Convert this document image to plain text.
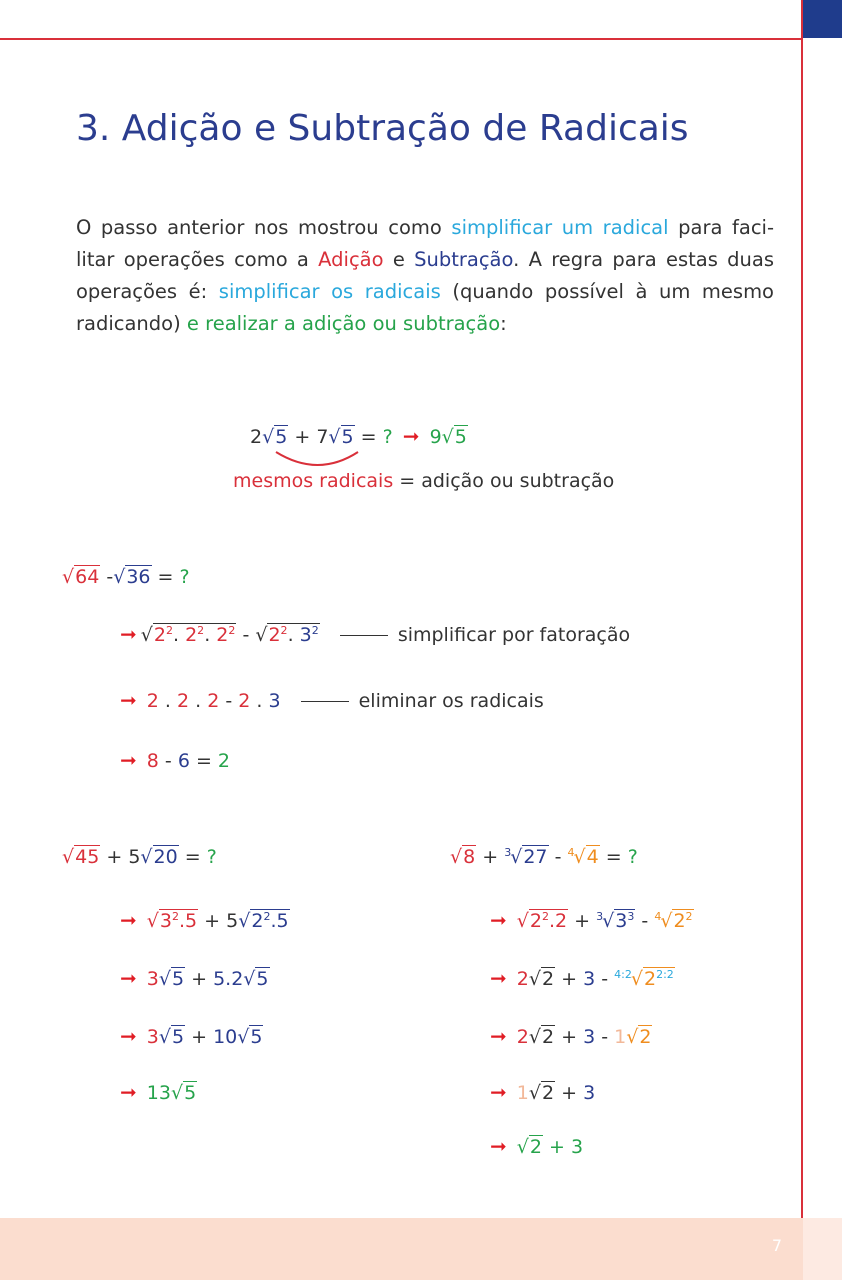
7
3. Adição e Subtração de Radicais

O passo anterior nos mostrou como simplificar um radical para faci-litar operações como a Adição e Subtração. A regra para estas duas operações é: simplificar os radicais (quando possível à um mesmo radicando) e realizar a adição ou subtração:

2√5 + 7√5 = ? ➞ 9√5
mesmos radicais = adição ou subtração
√64 -√36 = ?
➞ $√2^2$. $2^2$. $2^2 - √2^2$. $3^2$	simplificar por fatoração
➞ 2 . 2 . 2 - 2 . 3	eliminar os radicais
➞ 8 - 6 = 2
√45 + 5√20 = ?
➞ $√3^2.5 + 5√2^2.5$
➞ 3√5 + 5.2√5
➞ 3√5 + 10√5
➞ 13√5
√8 + $^3$√27 - $^4$√4 = ?
➞ $√2^2.2 + ^3√3^3 - ^4√2^2$
➞ $2√2 + 3 - ^{4:2}√2^{2:2}$
➞ 2√2 + 3 - 1√2
➞ 1√2 + 3
➞ √2 + 3
